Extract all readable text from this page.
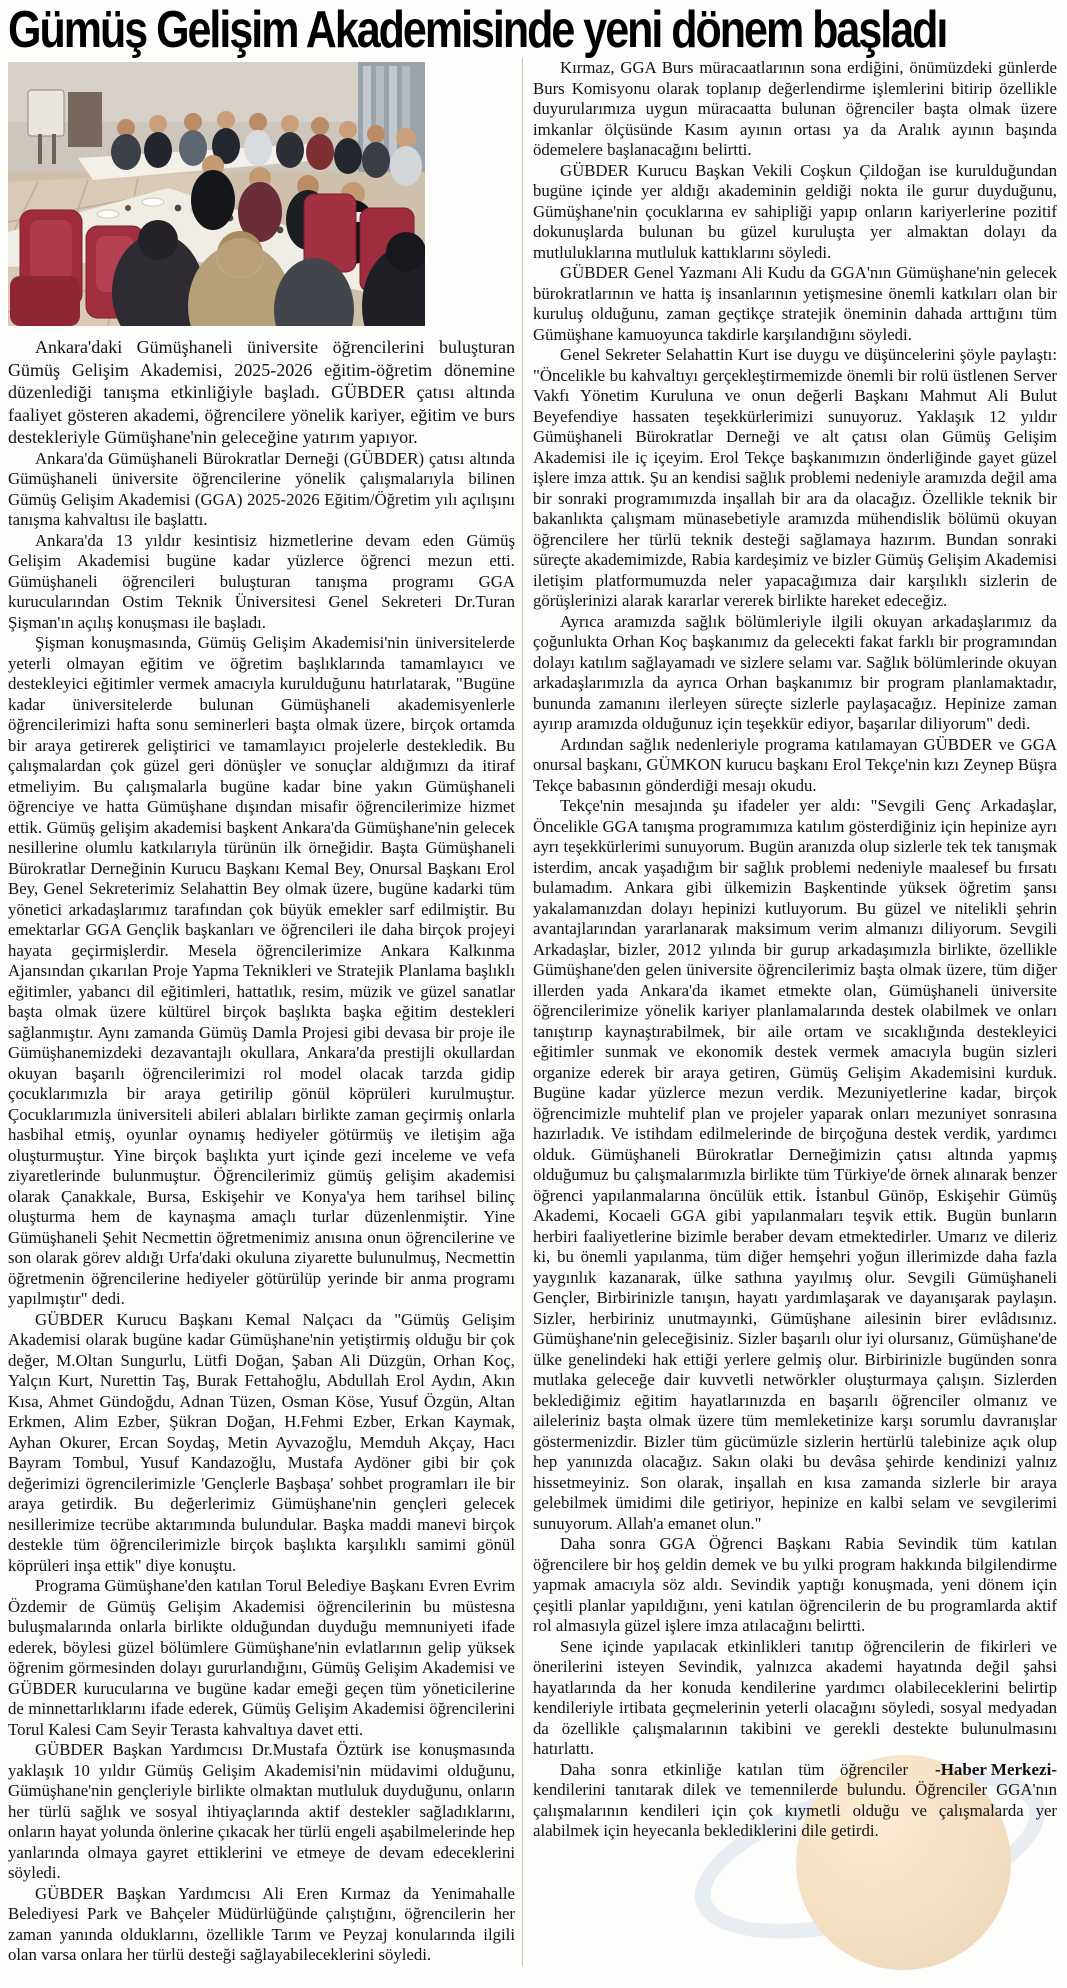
Gümüş Gelişim Akademisinde yeni dönem başladı

Ankara'daki Gümüşhaneli üniversite öğrencilerini buluşturan Gümüş Gelişim Akademisi, 2025-2026 eğitim-öğretim dönemine düzenlediği tanışma etkinliğiyle başladı. GÜBDER çatısı altında faaliyet gösteren akademi, öğrencilere yönelik kariyer, eğitim ve burs destekleriyle Gümüşhane'nin geleceğine yatırım yapıyor.

Ankara'da Gümüşhaneli Bürokratlar Derneği (GÜBDER) çatısı altında Gümüşhaneli üniversite öğrencilerine yönelik çalışmalarıyla bilinen Gümüş Gelişim Akademisi (GGA) 2025-2026 Eğitim/Öğretim yılı açılışını tanışma kahvaltısı ile başlattı.

Ankara'da 13 yıldır kesintisiz hizmetlerine devam eden Gümüş Gelişim Akademisi bugüne kadar yüzlerce öğrenci mezun etti. Gümüşhaneli öğrencileri buluşturan tanışma programı GGA kurucularından Ostim Teknik Üniversitesi Genel Sekreteri Dr.Turan Şişman'ın açılış konuşması ile başladı.

Şişman konuşmasında, Gümüş Gelişim Akademisi'nin üniversitelerde yeterli olmayan eğitim ve öğretim başlıklarında tamamlayıcı ve destekleyici eğitimler vermek amacıyla kurulduğunu hatırlatarak, "Bugüne kadar üniversitelerde bulunan Gümüşhaneli akademisyenlerle öğrencilerimizi hafta sonu seminerleri başta olmak üzere, birçok ortamda bir araya getirerek geliştirici ve tamamlayıcı projelerle destekledik. Bu çalışmalardan çok güzel geri dönüşler ve sonuçlar aldığımızı da itiraf etmeliyim. Bu çalışmalarla bugüne kadar bine yakın Gümüşhaneli öğrenciye ve hatta Gümüşhane dışından misafir öğrencilerimize hizmet ettik. Gümüş gelişim akademisi başkent Ankara'da Gümüşhane'nin gelecek nesillerine olumlu katkılarıyla türünün ilk örneğidir. Başta Gümüşhaneli Bürokratlar Derneğinin Kurucu Başkanı Kemal Bey, Onursal Başkanı Erol Bey, Genel Sekreterimiz Selahattin Bey olmak üzere, bugüne kadarki tüm yönetici arkadaşlarımız tarafından çok büyük emekler sarf edilmiştir. Bu emektarlar GGA Gençlik başkanları ve öğrencileri ile daha birçok projeyi hayata geçirmişlerdir. Mesela öğrencilerimize Ankara Kalkınma Ajansından çıkarılan Proje Yapma Teknikleri ve Stratejik Planlama başlıklı eğitimler, yabancı dil eğitimleri, hattatlık, resim, müzik ve güzel sanatlar başta olmak üzere kültürel birçok başlıkta başka eğitim destekleri sağlanmıştır. Aynı zamanda Gümüş Damla Projesi gibi devasa bir proje ile Gümüşhanemizdeki dezavantajlı okullara, Ankara'da prestijli okullardan okuyan başarılı öğrencilerimizi rol model olacak tarzda gidip çocuklarımızla bir araya getirilip gönül köprüleri kurulmuştur. Çocuklarımızla üniversiteli abileri ablaları birlikte zaman geçirmiş onlarla hasbihal etmiş, oyunlar oynamış hediyeler götürmüş ve iletişim ağa oluşturmuştur. Yine birçok başlıkta yurt içinde gezi inceleme ve vefa ziyaretlerinde bulunmuştur. Öğrencilerimiz gümüş gelişim akademisi olarak Çanakkale, Bursa, Eskişehir ve Konya'ya hem tarihsel bilinç oluşturma hem de kaynaşma amaçlı turlar düzenlenmiştir. Yine Gümüşhaneli Şehit Necmettin öğretmenimiz anısına onun öğrencilerine ve son olarak görev aldığı Urfa'daki okuluna ziyarette bulunulmuş, Necmettin öğretmenin öğrencilerine hediyeler götürülüp yerinde bir anma programı yapılmıştır" dedi.

GÜBDER Kurucu Başkanı Kemal Nalçacı da "Gümüş Gelişim Akademisi olarak bugüne kadar Gümüşhane'nin yetiştirmiş olduğu bir çok değer, M.Oltan Sungurlu, Lütfi Doğan, Şaban Ali Düzgün, Orhan Koç, Yalçın Kurt, Nurettin Taş, Burak Fettahoğlu, Abdullah Erol Aydın, Akın Kısa, Ahmet Gündoğdu, Adnan Tüzen, Osman Köse, Yusuf Özgün, Altan Erkmen, Alim Ezber, Şükran Doğan, H.Fehmi Ezber, Erkan Kaymak, Ayhan Okurer, Ercan Soydaş, Metin Ayvazoğlu, Memduh Akçay, Hacı Bayram Tombul, Yusuf Kandazoğlu, Mustafa Aydöner gibi bir çok değerimizi ögrencilerimizle 'Gençlerle Başbaşa' sohbet programları ile bir araya getirdik. Bu değerlerimiz Gümüşhane'nin gençleri gelecek nesillerimize tecrübe aktarımında bulundular. Başka maddi manevi birçok destekle tüm öğrencilerimizle birçok başlıkta karşılıklı samimi gönül köprüleri inşa ettik" diye konuştu.

Programa Gümüşhane'den katılan Torul Belediye Başkanı Evren Evrim Özdemir de Gümüş Gelişim Akademisi öğrencilerinin bu müstesna buluşmalarında onlarla birlikte olduğundan duyduğu memnuniyeti ifade ederek, böylesi güzel bölümlere Gümüşhane'nin evlatlarının gelip yüksek öğrenim görmesinden dolayı gururlandığını, Gümüş Gelişim Akademisi ve GÜBDER kurucularına ve bugüne kadar emeği geçen tüm yöneticilerine de minnettarlıklarını ifade ederek, Gümüş Gelişim Akademisi öğrencilerini Torul Kalesi Cam Seyir Terasta kahvaltıya davet etti.

GÜBDER Başkan Yardımcısı Dr.Mustafa Öztürk ise konuşmasında yaklaşık 10 yıldır Gümüş Gelişim Akademisi'nin müdavimi olduğunu, Gümüşhane'nin gençleriyle birlikte olmaktan mutluluk duyduğunu, onların her türlü sağlık ve sosyal ihtiyaçlarında aktif destekler sağladıklarını, onların hayat yolunda önlerine çıkacak her türlü engeli aşabilmelerinde hep yanlarında olmaya gayret ettiklerini ve etmeye de devam edeceklerini söyledi.

GÜBDER Başkan Yardımcısı Ali Eren Kırmaz da Yenimahalle Belediyesi Park ve Bahçeler Müdürlüğünde çalıştığını, öğrencilerin her zaman yanında olduklarını, özellikle Tarım ve Peyzaj konularında ilgili olan varsa onlara her türlü desteği sağlayabileceklerini söyledi.

Kırmaz, GGA Burs müracaatlarının sona erdiğini, önümüzdeki günlerde Burs Komisyonu olarak toplanıp değerlendirme işlemlerini bitirip özellikle duyurularımıza uygun müracaatta bulunan öğrenciler başta olmak üzere imkanlar ölçüsünde Kasım ayının ortası ya da Aralık ayının başında ödemelere başlanacağını belirtti.

GÜBDER Kurucu Başkan Vekili Coşkun Çildoğan ise kurulduğundan bugüne içinde yer aldığı akademinin geldiği nokta ile gurur duyduğunu, Gümüşhane'nin çocuklarına ev sahipliği yapıp onların kariyerlerine pozitif dokunuşlarda bulunan bu güzel kuruluşta yer almaktan dolayı da mutluluklarına mutluluk kattıklarını söyledi.

GÜBDER Genel Yazmanı Ali Kudu da GGA'nın Gümüşhane'nin gelecek bürokratlarının ve hatta iş insanlarının yetişmesine önemli katkıları olan bir kuruluş olduğunu, zaman geçtikçe stratejik öneminin dahada arttığını tüm Gümüşhane kamuoyunca takdirle karşılandığını söyledi.

Genel Sekreter Selahattin Kurt ise duygu ve düşüncelerini şöyle paylaştı: "Öncelikle bu kahvaltıyı gerçekleştirmemizde önemli bir rolü üstlenen Server Vakfı Yönetim Kuruluna ve onun değerli Başkanı Mahmut Ali Bulut Beyefendiye hassaten teşekkürlerimizi sunuyoruz. Yaklaşık 12 yıldır Gümüşhaneli Bürokratlar Derneği ve alt çatısı olan Gümüş Gelişim Akademisi ile iç içeyim. Erol Tekçe başkanımızın önderliğinde gayet güzel işlere imza attık. Şu an kendisi sağlık problemi nedeniyle aramızda değil ama bir sonraki programımızda inşallah bir ara da olacağız. Özellikle teknik bir bakanlıkta çalışmam münasebetiyle aramızda mühendislik bölümü okuyan öğrencilere her türlü teknik desteği sağlamaya hazırım. Bundan sonraki süreçte akademimizde, Rabia kardeşimiz ve bizler Gümüş Gelişim Akademisi iletişim platformumuzda neler yapacağımıza dair karşılıklı sizlerin de görüşlerinizi alarak kararlar vererek birlikte hareket edeceğiz.

Ayrıca aramızda sağlık bölümleriyle ilgili okuyan arkadaşlarımız da çoğunlukta Orhan Koç başkanımız da gelecekti fakat farklı bir programından dolayı katılım sağlayamadı ve sizlere selamı var. Sağlık bölümlerinde okuyan arkadaşlarımızla da ayrıca Orhan başkanımız bir program planlamaktadır, bununda zamanını ilerleyen süreçte sizlerle paylaşacağız. Hepinize zaman ayırıp aramızda olduğunuz için teşekkür ediyor, başarılar diliyorum" dedi.

Ardından sağlık nedenleriyle programa katılamayan GÜBDER ve GGA onursal başkanı, GÜMKON kurucu başkanı Erol Tekçe'nin kızı Zeynep Büşra Tekçe babasının gönderdiği mesajı okudu.

Tekçe'nin mesajında şu ifadeler yer aldı: "Sevgili Genç Arkadaşlar, Öncelikle GGA tanışma programımıza katılım gösterdiğiniz için hepinize ayrı ayrı teşekkürlerimi sunuyorum. Bugün aranızda olup sizlerle tek tek tanışmak isterdim, ancak yaşadığım bir sağlık problemi nedeniyle maalesef bu fırsatı bulamadım. Ankara gibi ülkemizin Başkentinde yüksek öğretim şansı yakalamanızdan dolayı hepinizi kutluyorum. Bu güzel ve nitelikli şehrin avantajlarından yararlanarak maksimum verim almanızı diliyorum. Sevgili Arkadaşlar, bizler, 2012 yılında bir gurup arkadaşımızla birlikte, özellikle Gümüşhane'den gelen üniversite öğrencilerimiz başta olmak üzere, tüm diğer illerden yada Ankara'da ikamet etmekte olan, Gümüşhaneli üniversite öğrencilerimize yönelik kariyer planlamalarında destek olabilmek ve onları tanıştırıp kaynaştırabilmek, bir aile ortam ve sıcaklığında destekleyici eğitimler sunmak ve ekonomik destek vermek amacıyla bugün sizleri organize ederek bir araya getiren, Gümüş Gelişim Akademisini kurduk. Bugüne kadar yüzlerce mezun verdik. Mezuniyetlerine kadar, birçok öğrencimizle muhtelif plan ve projeler yaparak onları mezuniyet sonrasına hazırladık. Ve istihdam edilmelerinde de birçoğuna destek verdik, yardımcı olduk. Gümüşhaneli Bürokratlar Derneğimizin çatısı altında yapmış olduğumuz bu çalışmalarımızla birlikte tüm Türkiye'de örnek alınarak benzer öğrenci yapılanmalarına öncülük ettik. İstanbul Günöp, Eskişehir Gümüş Akademi, Kocaeli GGA gibi yapılanmaları teşvik ettik. Bugün bunların herbiri faaliyetlerine bizimle beraber devam etmektedirler. Umarız ve dileriz ki, bu önemli yapılanma, tüm diğer hemşehri yoğun illerimizde daha fazla yaygınlık kazanarak, ülke sathına yayılmış olur. Sevgili Gümüşhaneli Gençler, Birbirinizle tanışın, hayatı yardımlaşarak ve dayanışarak paylaşın. Sizler, herbiriniz unutmayınki, Gümüşhane ailesinin birer evlâdısınız. Gümüşhane'nin geleceğisiniz. Sizler başarılı olur iyi olursanız, Gümüşhane'de ülke genelindeki hak ettiği yerlere gelmiş olur. Birbirinizle bugünden sonra mutlaka geleceğe dair kuvvetli netwörkler oluşturmaya çalışın. Sizlerden beklediğimiz eğitim hayatlarınızda en başarılı öğrenciler olmanız ve aileleriniz başta olmak üzere tüm memleketinize karşı sorumlu davranışlar göstermenizdir. Bizler tüm gücümüzle sizlerin hertürlü talebinize açık olup hep yanınızda olacağız. Sakın olaki bu devâsa şehirde kendinizi yalnız hissetmeyiniz. Son olarak, inşallah en kısa zamanda sizlerle bir araya gelebilmek ümidimi dile getiriyor, hepinize en kalbi selam ve sevgilerimi sunuyorum. Allah'a emanet olun."

Daha sonra GGA Öğrenci Başkanı Rabia Sevindik tüm katılan öğrencilere bir hoş geldin demek ve bu yılki program hakkında bilgilendirme yapmak amacıyla söz aldı. Sevindik yaptığı konuşmada, yeni dönem için çeşitli planlar yapıldığını, yeni katılan öğrencilerin de bu programlarda aktif rol almasıyla güzel işlere imza atılacağını belirtti.

Sene içinde yapılacak etkinlikleri tanıtıp öğrencilerin de fikirleri ve önerilerini isteyen Sevindik, yalnızca akademi hayatında değil şahsi hayatlarında da her konuda kendilerine yardımcı olabileceklerini belirtip kendileriyle irtibata geçmelerinin yeterli olacağını söyledi, sosyal medyadan da özellikle çalışmalarının takibini ve gerekli destekte bulunulmasını hatırlattı.

-Haber Merkezi-
Daha sonra etkinliğe katılan tüm öğrenciler kendilerini tanıtarak dilek ve temennilerde bulundu. Öğrenciler GGA'nın çalışmalarının kendileri için çok kıymetli olduğu ve çalışmalarda yer alabilmek için heyecanla beklediklerini dile getirdi.
